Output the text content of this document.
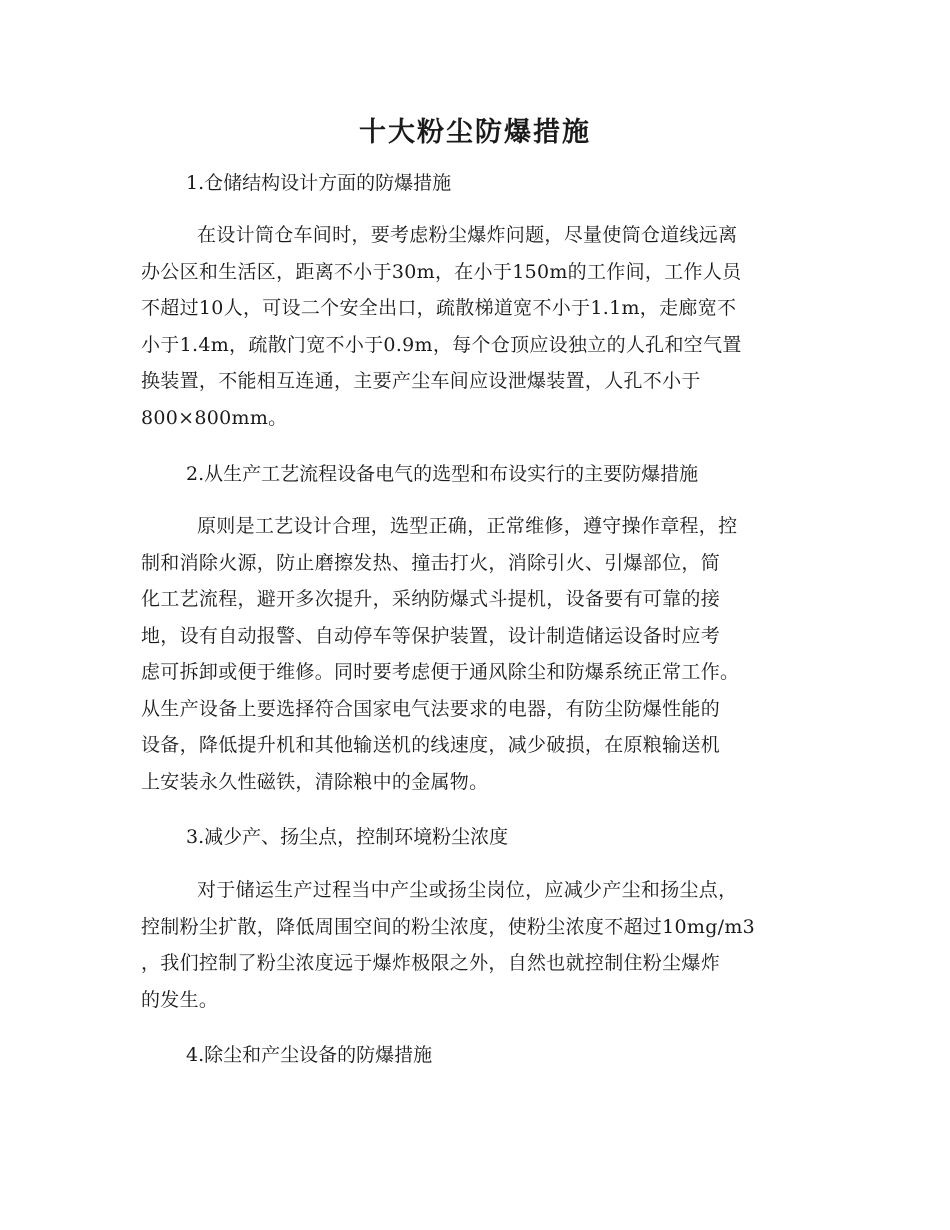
十大粉尘防爆措施
1.仓储结构设计方面的防爆措施
在设计筒仓车间时，要考虑粉尘爆炸问题，尽量使筒仓道线远离
办公区和生活区，距离不小于30m，在小于150m的工作间，工作人员
不超过10人，可设二个安全出口，疏散梯道宽不小于1.1m，走廊宽不
小于1.4m，疏散门宽不小于0.9m，每个仓顶应设独立的人孔和空气置
换装置，不能相互连通，主要产尘车间应设泄爆装置，人孔不小于
800×800mm。
2.从生产工艺流程设备电气的选型和布设实行的主要防爆措施
原则是工艺设计合理，选型正确，正常维修，遵守操作章程，控
制和消除火源，防止磨擦发热、撞击打火，消除引火、引爆部位，简
化工艺流程，避开多次提升，采纳防爆式斗提机，设备要有可靠的接
地，设有自动报警、自动停车等保护装置，设计制造储运设备时应考
虑可拆卸或便于维修。同时要考虑便于通风除尘和防爆系统正常工作。
从生产设备上要选择符合国家电气法要求的电器，有防尘防爆性能的
设备，降低提升机和其他输送机的线速度，减少破损，在原粮输送机
上安装永久性磁铁，清除粮中的金属物。
3.减少产、扬尘点，控制环境粉尘浓度
对于储运生产过程当中产尘或扬尘岗位，应减少产尘和扬尘点，
控制粉尘扩散，降低周围空间的粉尘浓度，使粉尘浓度不超过10mg/m3
，我们控制了粉尘浓度远于爆炸极限之外，自然也就控制住粉尘爆炸
的发生。
4.除尘和产尘设备的防爆措施
